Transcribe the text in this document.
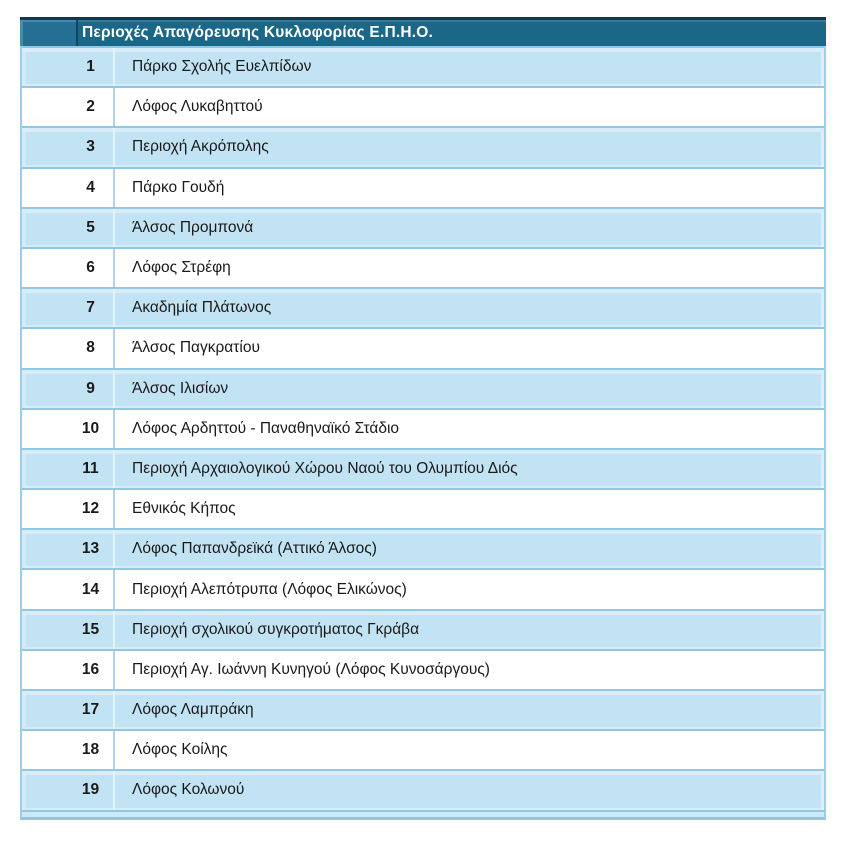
Περιοχές Απαγόρευσης Κυκλοφορίας Ε.Π.Η.Ο.
1	Πάρκο Σχολής Ευελπίδων
2	Λόφος Λυκαβηττού
3	Περιοχή Ακρόπολης
4	Πάρκο Γουδή
5	Άλσος Προμπονά
6	Λόφος Στρέφη
7	Ακαδημία Πλάτωνος
8	Άλσος Παγκρατίου
9	Άλσος Ιλισίων
10	Λόφος Αρδηττού - Παναθηναϊκό Στάδιο
11	Περιοχή Αρχαιολογικού Χώρου Ναού του Ολυμπίου Διός
12	Εθνικός Κήπος
13	Λόφος Παπανδρεϊκά (Αττικό Άλσος)
14	Περιοχή Αλεπότρυπα (Λόφος Ελικώνος)
15	Περιοχή σχολικού συγκροτήματος Γκράβα
16	Περιοχή Αγ. Ιωάννη Κυνηγού (Λόφος Κυνοσάργους)
17	Λόφος Λαμπράκη
18	Λόφος Κοίλης
19	Λόφος Κολωνού
